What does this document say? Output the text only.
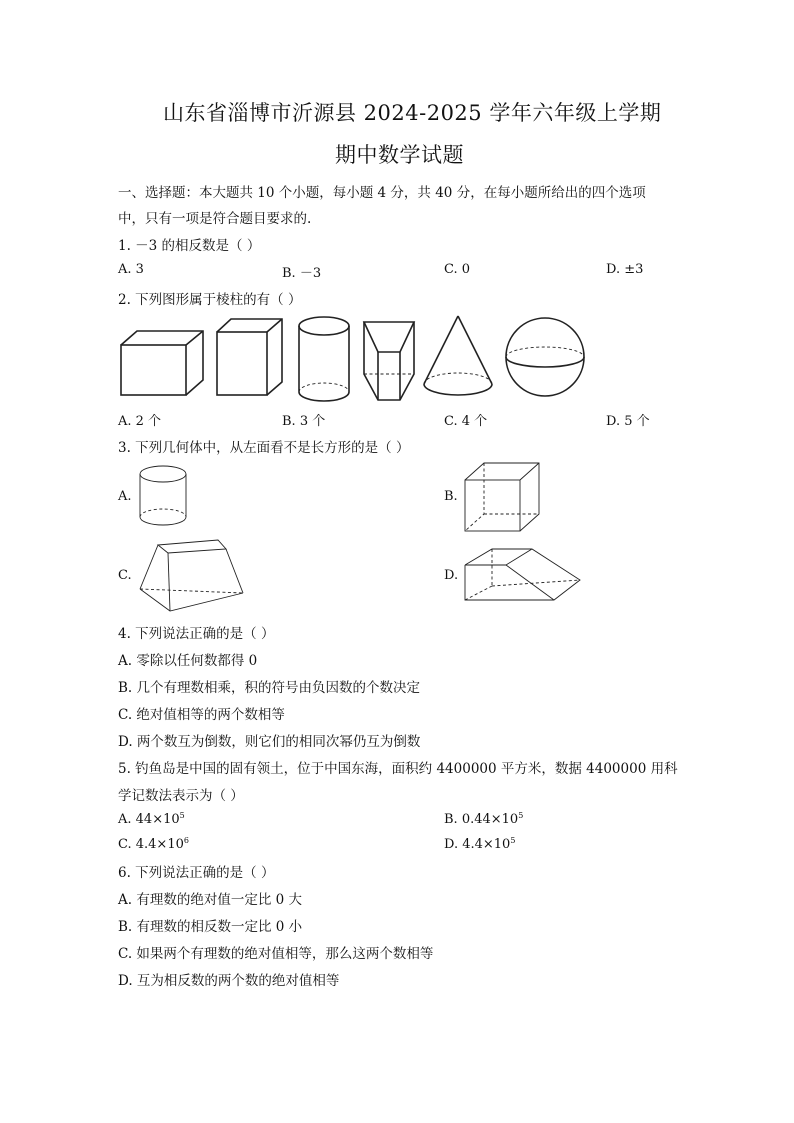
山东省淄博市沂源县 2024-2025 学年六年级上学期
期中数学试题
一、选择题：本大题共 10 个小题，每小题 4 分，共 40 分，在每小题所给出的四个选项
中，只有一项是符合题目要求的.
1. －3 的相反数是（ ）
A. 3	B. －3	C. 0	D. ±3
2. 下列图形属于棱柱的有（ ）
A. 2 个	B. 3 个	C. 4 个	D. 5 个
3. 下列几何体中，从左面看不是长方形的是（ ）
A.	B.
C.	D.
4. 下列说法正确的是（ ）
A. 零除以任何数都得 0
B. 几个有理数相乘，积的符号由负因数的个数决定
C. 绝对值相等的两个数相等
D. 两个数互为倒数，则它们的相同次幂仍互为倒数
5. 钓鱼岛是中国的固有领土，位于中国东海，面积约 4400000 平方米，数据 4400000 用科
学记数法表示为（ ）
A. $44\times 10^5$	B. $0.44\times 10^5$
C. $4.4\times 10^6$	D. $4.4\times 10^5$
6. 下列说法正确的是（ ）
A. 有理数的绝对值一定比 0 大
B. 有理数的相反数一定比 0 小
C. 如果两个有理数的绝对值相等，那么这两个数相等
D. 互为相反数的两个数的绝对值相等
